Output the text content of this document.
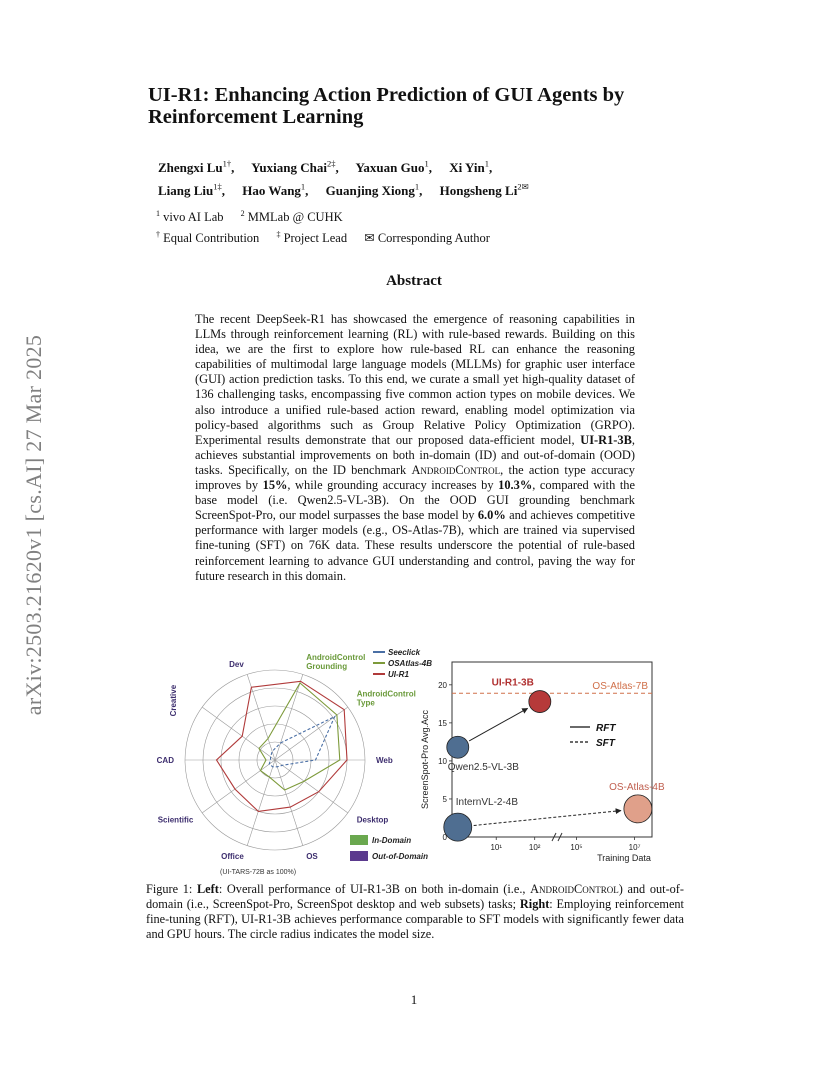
arXiv:2503.21620v1 [cs.AI] 27 Mar 2025
UI-R1: Enhancing Action Prediction of GUI Agents by
Reinforcement Learning
Zhengxi $Lu^{1\dagger}$, Yuxiang Chai$^{2\ddagger}$, Yaxuan Guo$^1$, Xi Yin$^1$,
Liang Liu$^{1\ddagger}$, Hao Wang$^1$, Guanjing Xiong$^1$, Hongsheng $Li^{2✉}$
$^1$ vivo AI Lab $^2$ MMLab @ CUHK
† Equal Contribution ‡ Project Lead ✉ Corresponding Author
Abstract
The recent DeepSeek-R1 has showcased the emergence of reasoning capabilities in LLMs through reinforcement learning (RL) with rule-based rewards. Building on this idea, we are the first to explore how rule-based RL can enhance the reasoning capabilities of multimodal large language models (MLLMs) for graphic user interface (GUI) action prediction tasks. To this end, we curate a small yet high-quality dataset of 136 challenging tasks, encompassing five common action types on mobile devices. We also introduce a unified rule-based action reward, enabling model optimization via policy-based algorithms such as Group Relative Policy Optimization (GRPO). Experimental results demonstrate that our proposed data-efficient model, UI-R1-3B, achieves substantial improvements on both in-domain (ID) and out-of-domain (OOD) tasks. Specifically, on the ID benchmark AndroidControl, the action type accuracy improves by 15%, while grounding accuracy increases by 10.3%, compared with the base model (i.e. Qwen2.5-VL-3B). On the OOD GUI grounding benchmark ScreenSpot-Pro, our model surpasses the base model by 6.0% and achieves competitive performance with larger models (e.g., OS-Atlas-7B), which are trained via supervised fine-tuning (SFT) on 76K data. These results underscore the potential of rule-based reinforcement learning to advance GUI understanding and control, paving the way for future research in this domain.
AndroidControl Grounding
AndroidControl Type
Web
Desktop
OS
Office
Scientific
CAD
Creative
Dev
Seeclick
OSAtlas-4B
UI-R1
In-Domain
Out-of-Domain
(UI-TARS-72B as 100%)
0
5
10
15
20
10¹	10²	10⁵	10⁷
Training Data
ScreenSpot-Pro Avg.Acc
OS-Atlas-7B
UI-R1-3B
Qwen2.5-VL-3B
InternVL-2-4B
OS-Atlas-4B
RFT
SFT
Figure 1: Left: Overall performance of UI-R1-3B on both in-domain (i.e., AndroidControl) and out-of-domain (i.e., ScreenSpot-Pro, ScreenSpot desktop and web subsets) tasks; Right: Employing reinforcement fine-tuning (RFT), UI-R1-3B achieves performance comparable to SFT models with significantly fewer data and GPU hours. The circle radius indicates the model size.
1
